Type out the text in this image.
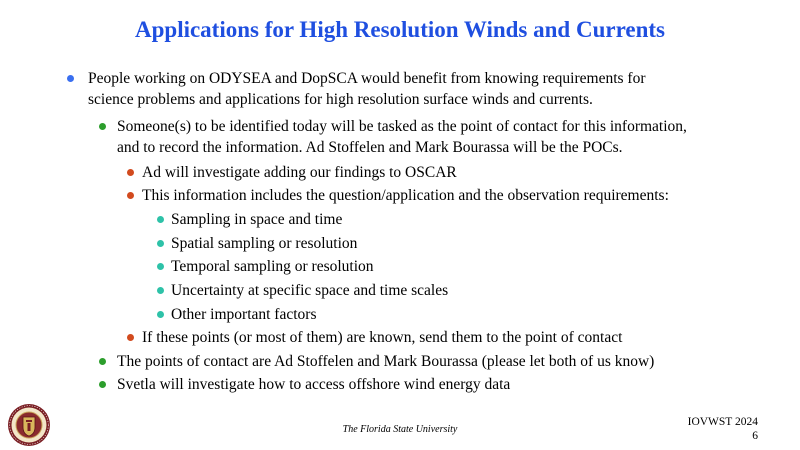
Applications for High Resolution Winds and Currents
People working on ODYSEA and DopSCA would benefit from knowing requirements for
science problems and applications for high resolution surface winds and currents.
Someone(s) to be identified today will be tasked as the point of contact for this information,
and to record the information. Ad Stoffelen and Mark Bourassa will be the POCs.
Ad will investigate adding our findings to OSCAR
This information includes the question/application and the observation requirements:
Sampling in space and time
Spatial sampling or resolution
Temporal sampling or resolution
Uncertainty at specific space and time scales
Other important factors
If these points (or most of them) are known, send them to the point of contact
The points of contact are Ad Stoffelen and Mark Bourassa (please let both of us know)
Svetla will investigate how to access offshore wind energy data
The Florida State University
IOVWST 2024
6
